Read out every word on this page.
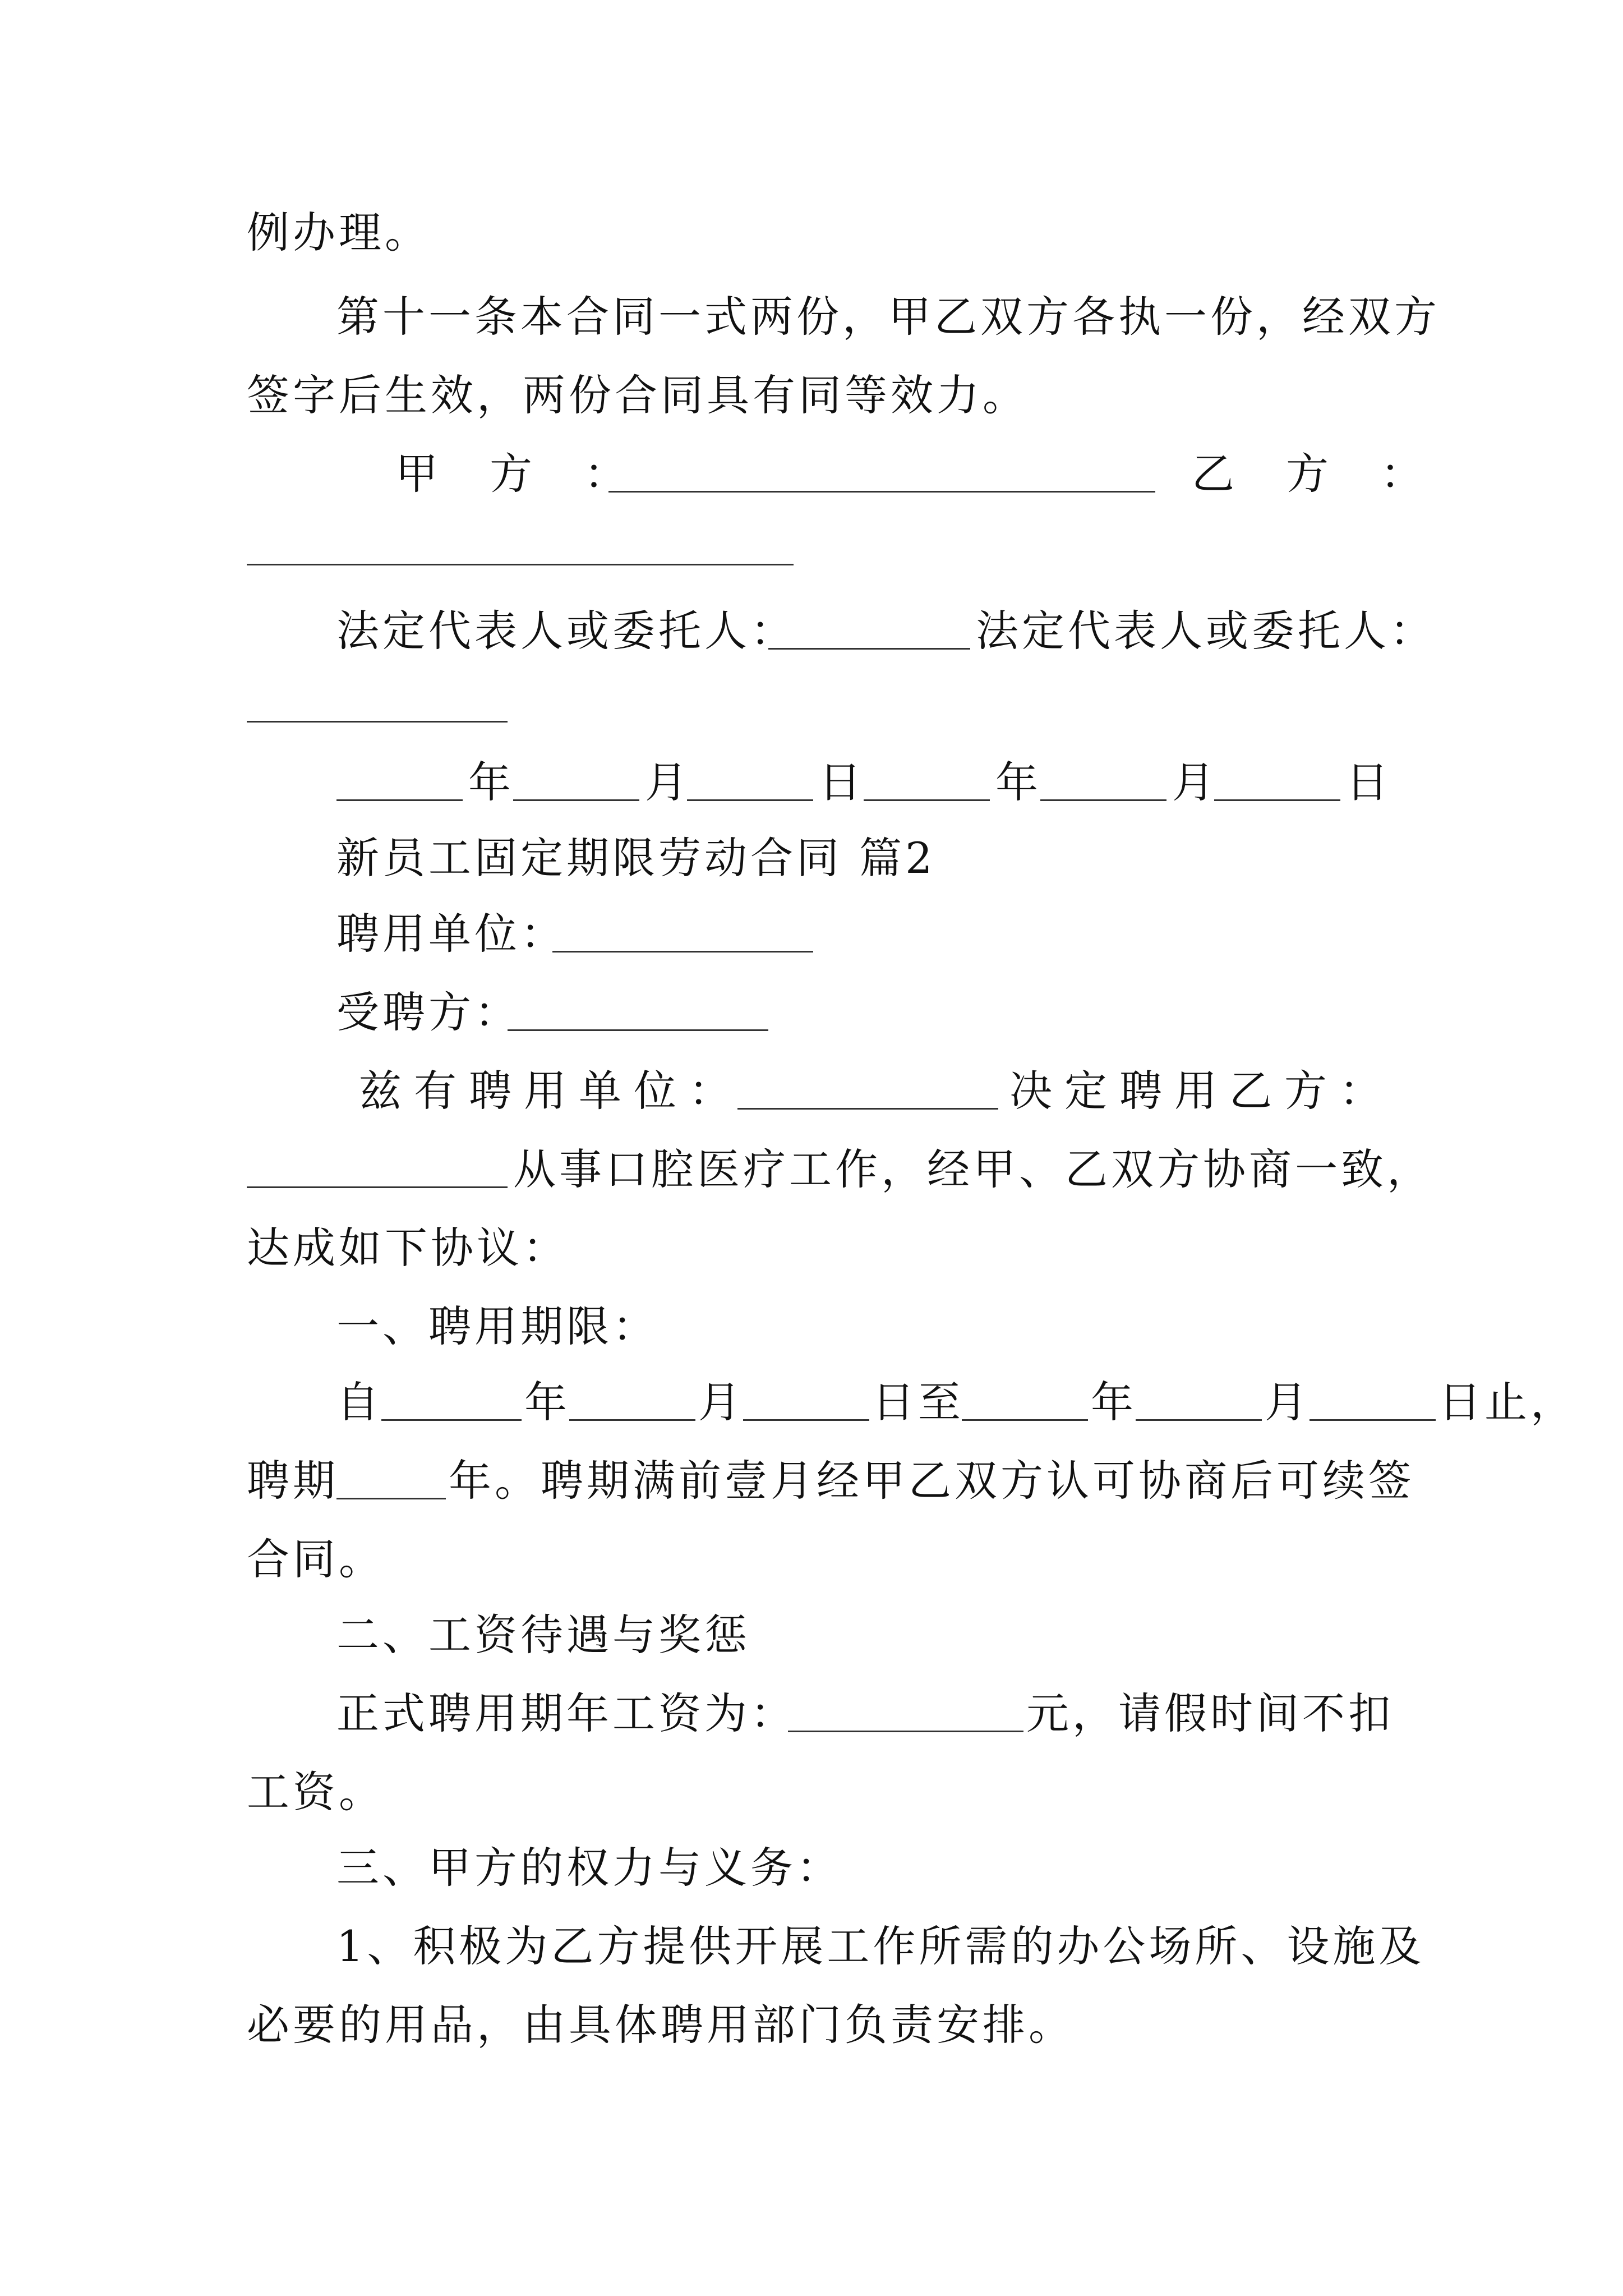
例办理。
第十一条本合同一式两份，甲乙双方各执一份，经双方
签字后生效，两份合同具有同等效力。
甲 方 ：	乙 方 ：
法定代表人或委托人：	法定代表人或委托人：
年	月	日	年	月	日
新员工固定期限劳动合同 篇2
聘用单位：
受聘方：
兹有聘用单位：	决定聘用乙方：
从事口腔医疗工作，经甲、乙双方协商一致，
达成如下协议：
一、聘用期限：
自	年	月	日至	年	月	日止，
聘期	年。聘期满前壹月经甲乙双方认可协商后可续签
合同。
二、工资待遇与奖惩
正式聘用期年工资为：	元，请假时间不扣
工资。
三、甲方的权力与义务：
1、积极为乙方提供开展工作所需的办公场所、设施及
必要的用品，由具体聘用部门负责安排。
